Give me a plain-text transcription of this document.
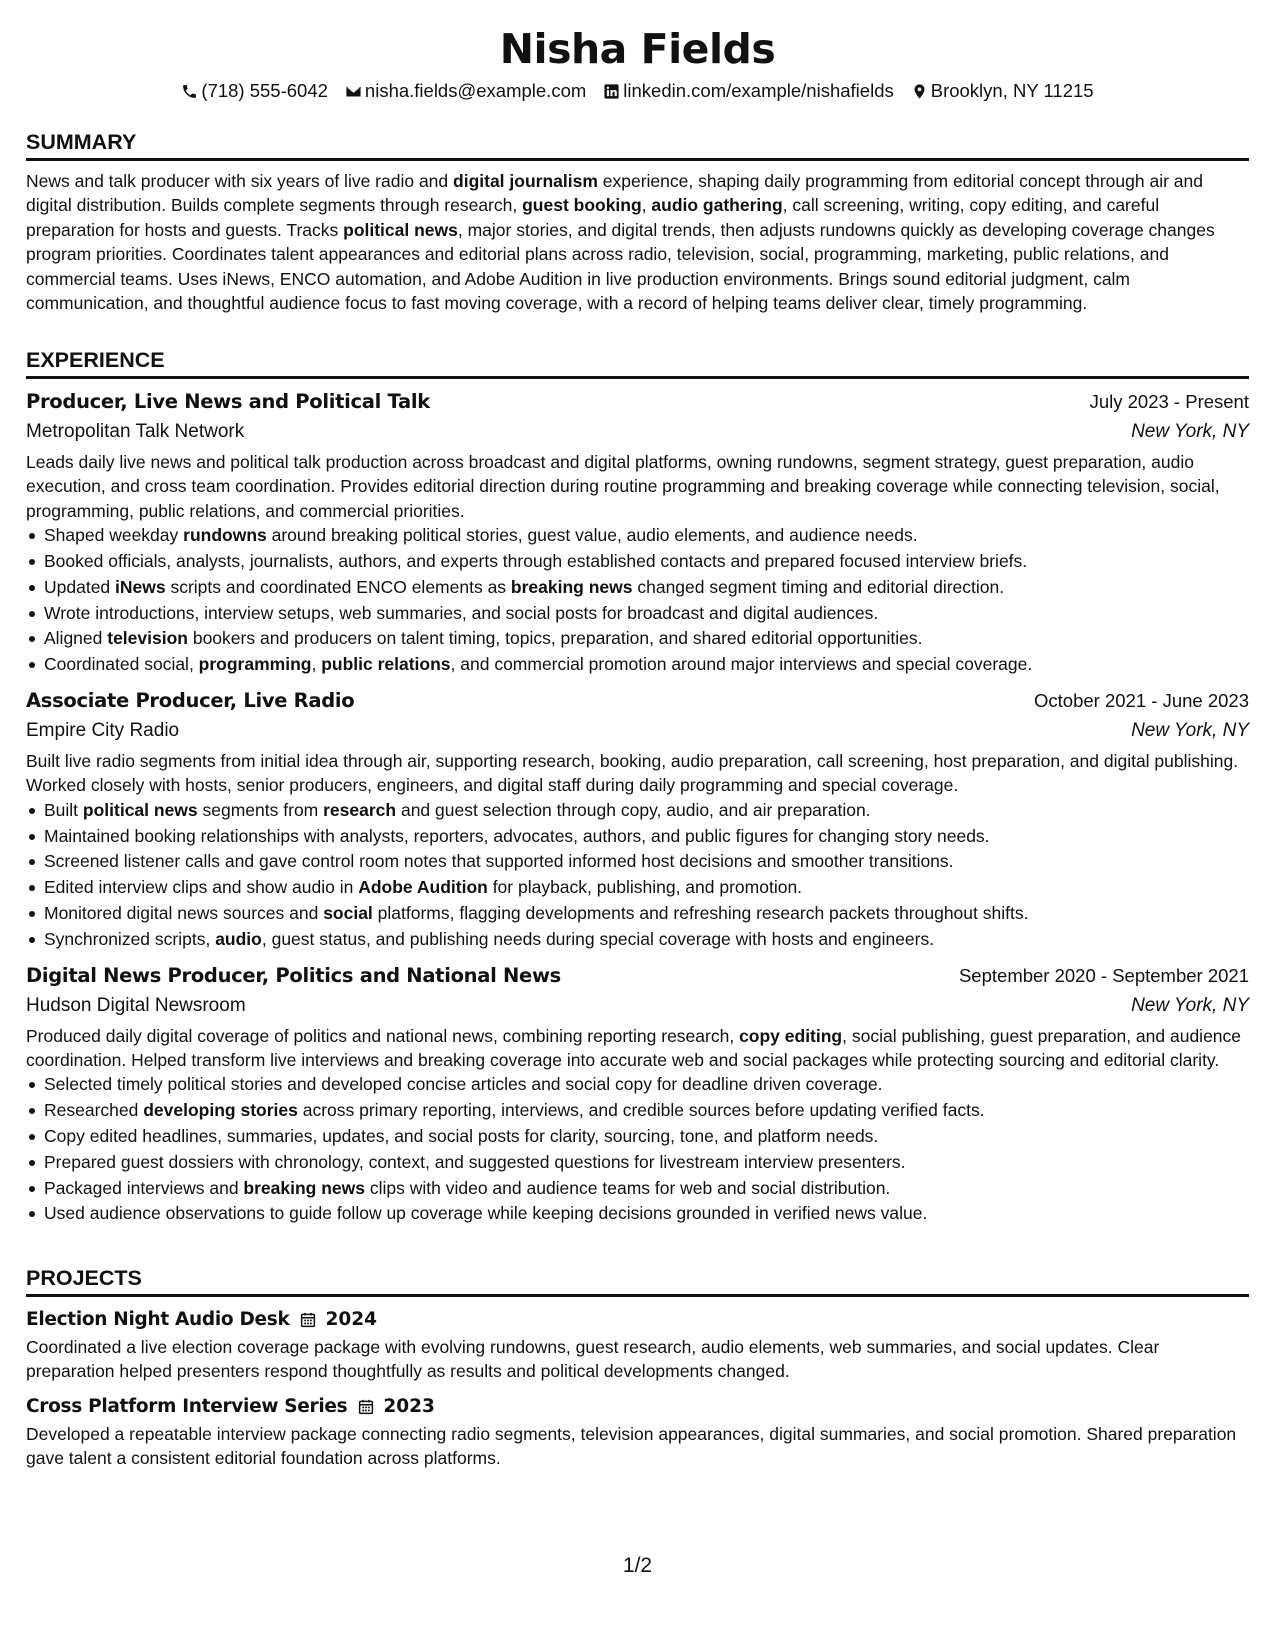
Nisha Fields
(718) 555-6042 nisha.fields@example.com linkedin.com/example/nishafields Brooklyn, NY 11215
SUMMARY

News and talk producer with six years of live radio and digital journalism experience, shaping daily programming from editorial concept through air and digital distribution. Builds complete segments through research, guest booking, audio gathering, call screening, writing, copy editing, and careful preparation for hosts and guests. Tracks political news, major stories, and digital trends, then adjusts rundowns quickly as developing coverage changes program priorities. Coordinates talent appearances and editorial plans across radio, television, social, programming, marketing, public relations, and commercial teams. Uses iNews, ENCO automation, and Adobe Audition in live production environments. Brings sound editorial judgment, calm communication, and thoughtful audience focus to fast moving coverage, with a record of helping teams deliver clear, timely programming.

EXPERIENCE
Producer, Live News and Political Talk	July 2023 - Present
Metropolitan Talk Network	New York, NY

Leads daily live news and political talk production across broadcast and digital platforms, owning rundowns, segment strategy, guest preparation, audio execution, and cross team coordination. Provides editorial direction during routine programming and breaking coverage while connecting television, social, programming, public relations, and commercial priorities.

Shaped weekday rundowns around breaking political stories, guest value, audio elements, and audience needs.
Booked officials, analysts, journalists, authors, and experts through established contacts and prepared focused interview briefs.
Updated iNews scripts and coordinated ENCO elements as breaking news changed segment timing and editorial direction.
Wrote introductions, interview setups, web summaries, and social posts for broadcast and digital audiences.
Aligned television bookers and producers on talent timing, topics, preparation, and shared editorial opportunities.
Coordinated social, programming, public relations, and commercial promotion around major interviews and special coverage.
Associate Producer, Live Radio	October 2021 - June 2023
Empire City Radio	New York, NY

Built live radio segments from initial idea through air, supporting research, booking, audio preparation, call screening, host preparation, and digital publishing. Worked closely with hosts, senior producers, engineers, and digital staff during daily programming and special coverage.

Built political news segments from research and guest selection through copy, audio, and air preparation.
Maintained booking relationships with analysts, reporters, advocates, authors, and public figures for changing story needs.
Screened listener calls and gave control room notes that supported informed host decisions and smoother transitions.
Edited interview clips and show audio in Adobe Audition for playback, publishing, and promotion.
Monitored digital news sources and social platforms, flagging developments and refreshing research packets throughout shifts.
Synchronized scripts, audio, guest status, and publishing needs during special coverage with hosts and engineers.
Digital News Producer, Politics and National News	September 2020 - September 2021
Hudson Digital Newsroom	New York, NY

Produced daily digital coverage of politics and national news, combining reporting research, copy editing, social publishing, guest preparation, and audience coordination. Helped transform live interviews and breaking coverage into accurate web and social packages while protecting sourcing and editorial clarity.

Selected timely political stories and developed concise articles and social copy for deadline driven coverage.
Researched developing stories across primary reporting, interviews, and credible sources before updating verified facts.
Copy edited headlines, summaries, updates, and social posts for clarity, sourcing, tone, and platform needs.
Prepared guest dossiers with chronology, context, and suggested questions for livestream interview presenters.
Packaged interviews and breaking news clips with video and audience teams for web and social distribution.
Used audience observations to guide follow up coverage while keeping decisions grounded in verified news value.
PROJECTS
Election Night Audio Desk 2024

Coordinated a live election coverage package with evolving rundowns, guest research, audio elements, web summaries, and social updates. Clear preparation helped presenters respond thoughtfully as results and political developments changed.

Cross Platform Interview Series 2023

Developed a repeatable interview package connecting radio segments, television appearances, digital summaries, and social promotion. Shared preparation gave talent a consistent editorial foundation across platforms.

1/2
